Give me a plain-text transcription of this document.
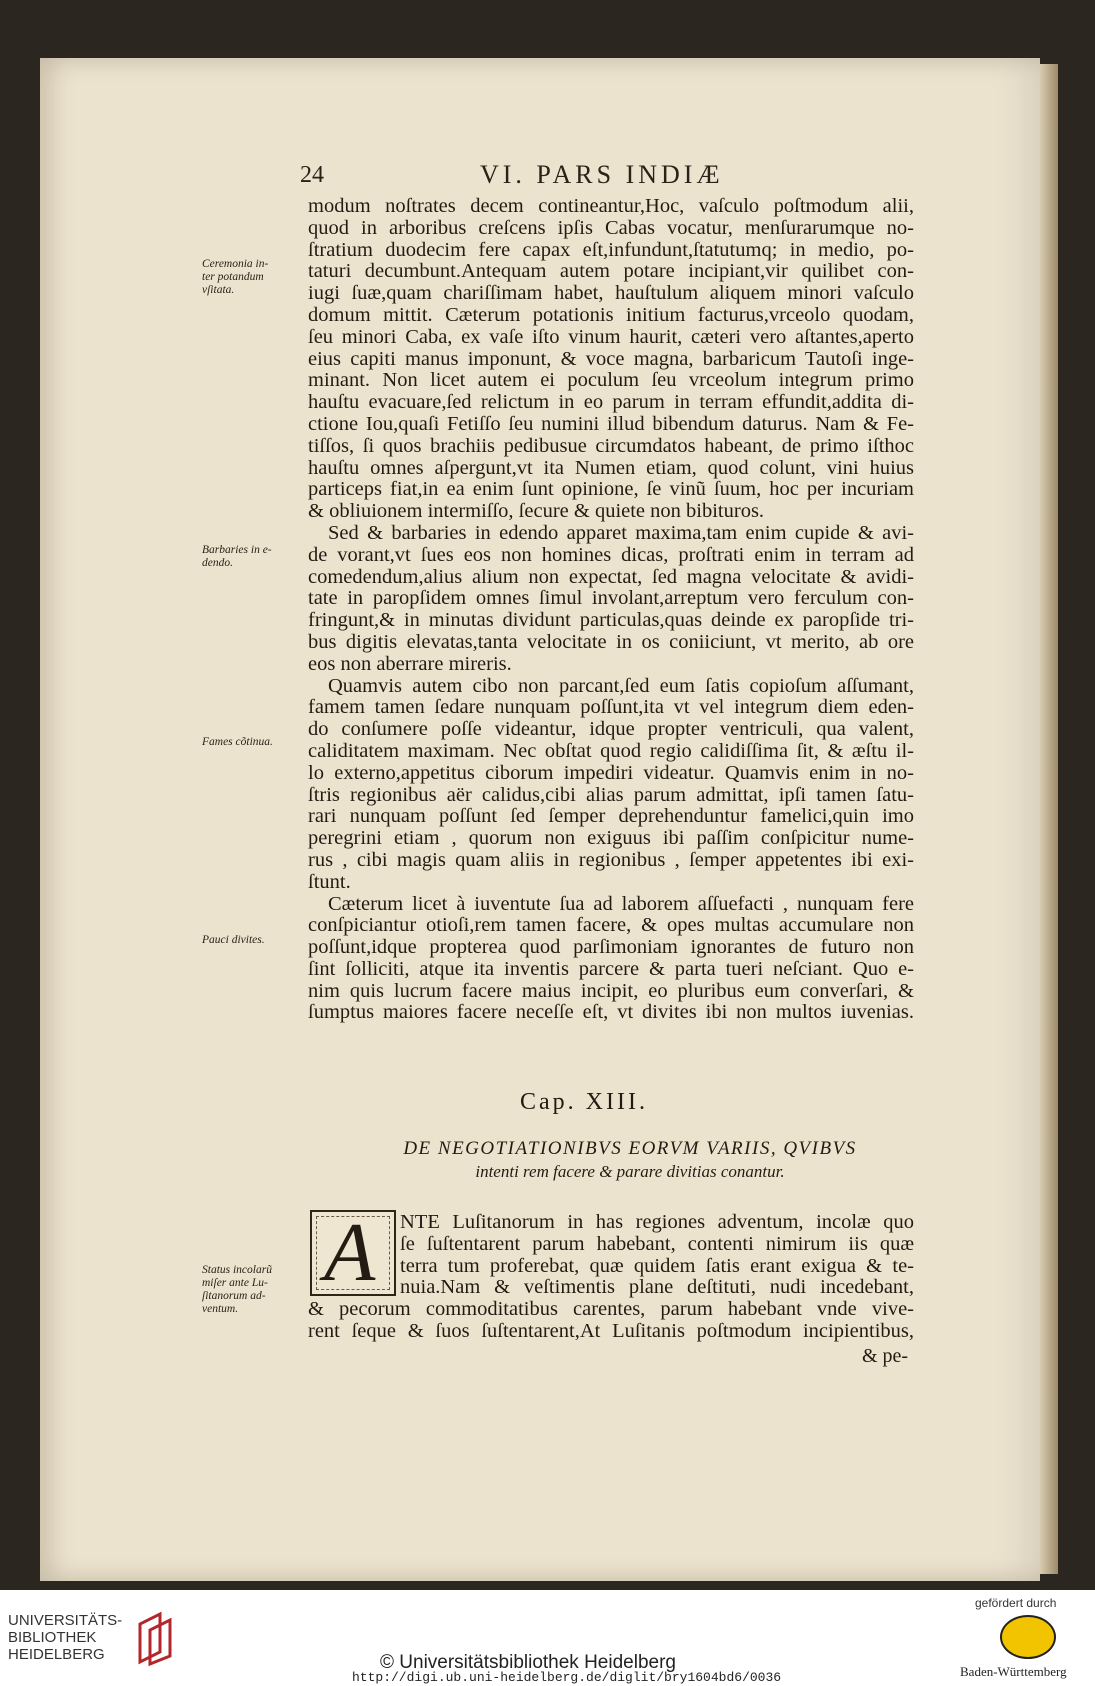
24	VI. PARS INDIÆ
modum noſtrates decem contineantur,Hoc, vaſculo poſtmodum alii,
quod in arboribus creſcens ipſis Cabas vocatur, menſurarumque no-
ſtratium duodecim fere capax eſt,infundunt,ſtatutumq; in medio, po-
taturi decumbunt.Antequam autem potare incipiant,vir quilibet con-
iugi ſuæ,quam chariſſimam habet, hauſtulum aliquem minori vaſculo
domum mittit. Cæterum potationis initium facturus,vrceolo quodam,
ſeu minori Caba, ex vaſe iſto vinum haurit, cæteri vero aſtantes,aperto
eius capiti manus imponunt, & voce magna, barbaricum Tautoſi inge-
minant. Non licet autem ei poculum ſeu vrceolum integrum primo
hauſtu evacuare,ſed relictum in eo parum in terram effundit,addita di-
ctione Iou,quaſi Fetiſſo ſeu numini illud bibendum daturus. Nam & Fe-
tiſſos, ſi quos brachiis pedibusue circumdatos habeant, de primo iſthoc
hauſtu omnes aſpergunt,vt ita Numen etiam, quod colunt, vini huius
particeps fiat,in ea enim ſunt opinione, ſe vinũ ſuum, hoc per incuriam
& obliuionem intermiſſo, ſecure & quiete non bibituros.
Sed & barbaries in edendo apparet maxima,tam enim cupide & avi-
de vorant,vt ſues eos non homines dicas, proſtrati enim in terram ad
comedendum,alius alium non expectat, ſed magna velocitate & avidi-
tate in paropſidem omnes ſimul involant,arreptum vero ferculum con-
fringunt,& in minutas dividunt particulas,quas deinde ex paropſide tri-
bus digitis elevatas,tanta velocitate in os coniiciunt, vt merito, ab ore
eos non aberrare mireris.
Quamvis autem cibo non parcant,ſed eum ſatis copioſum aſſumant,
famem tamen ſedare nunquam poſſunt,ita vt vel integrum diem eden-
do conſumere poſſe videantur, idque propter ventriculi, qua valent,
caliditatem maximam. Nec obſtat quod regio calidiſſima ſit, & æſtu il-
lo externo,appetitus ciborum impediri videatur. Quamvis enim in no-
ſtris regionibus aër calidus,cibi alias parum admittat, ipſi tamen ſatu-
rari nunquam poſſunt ſed ſemper deprehenduntur famelici,quin imo
peregrini etiam , quorum non exiguus ibi paſſim conſpicitur nume-
rus , cibi magis quam aliis in regionibus , ſemper appetentes ibi exi-
ſtunt.
Cæterum licet à iuventute ſua ad laborem aſſuefacti , nunquam fere
conſpiciantur otioſi,rem tamen facere, & opes multas accumulare non
poſſunt,idque propterea quod parſimoniam ignorantes de futuro non
ſint ſolliciti, atque ita inventis parcere & parta tueri neſciant. Quo e-
nim quis lucrum facere maius incipit, eo pluribus eum converſari, &
ſumptus maiores facere neceſſe eſt, vt divites ibi non multos iuvenias.
Ceremonia in-
ter potandum
vſitata.
Barbaries in e-
dendo.
Fames cõtinua.
Pauci divites.
Status incolarũ
miſer ante Lu-
ſitanorum ad-
ventum.
Cap. XIII.
DE NEGOTIATIONIBVS EORVM VARIIS, QVIBVS
intenti rem facere & parare divitias conantur.
A NTE Luſitanorum in has regiones adventum, incolæ quo
ſe ſuſtentarent parum habebant, contenti nimirum iis quæ
terra tum proferebat, quæ quidem ſatis erant exigua & te-
nuia.Nam & veſtimentis plane deſtituti, nudi incedebant,
& pecorum commoditatibus carentes, parum habebant vnde vive-
rent ſeque & ſuos ſuſtentarent,At Luſitanis poſtmodum incipientibus,
& pe-
UNIVERSITÄTS-
BIBLIOTHEK
HEIDELBERG	© Universitätsbibliothek Heidelberg
http://digi.ub.uni-heidelberg.de/diglit/bry1604bd6/0036
gefördert durch
Baden-Württemberg
